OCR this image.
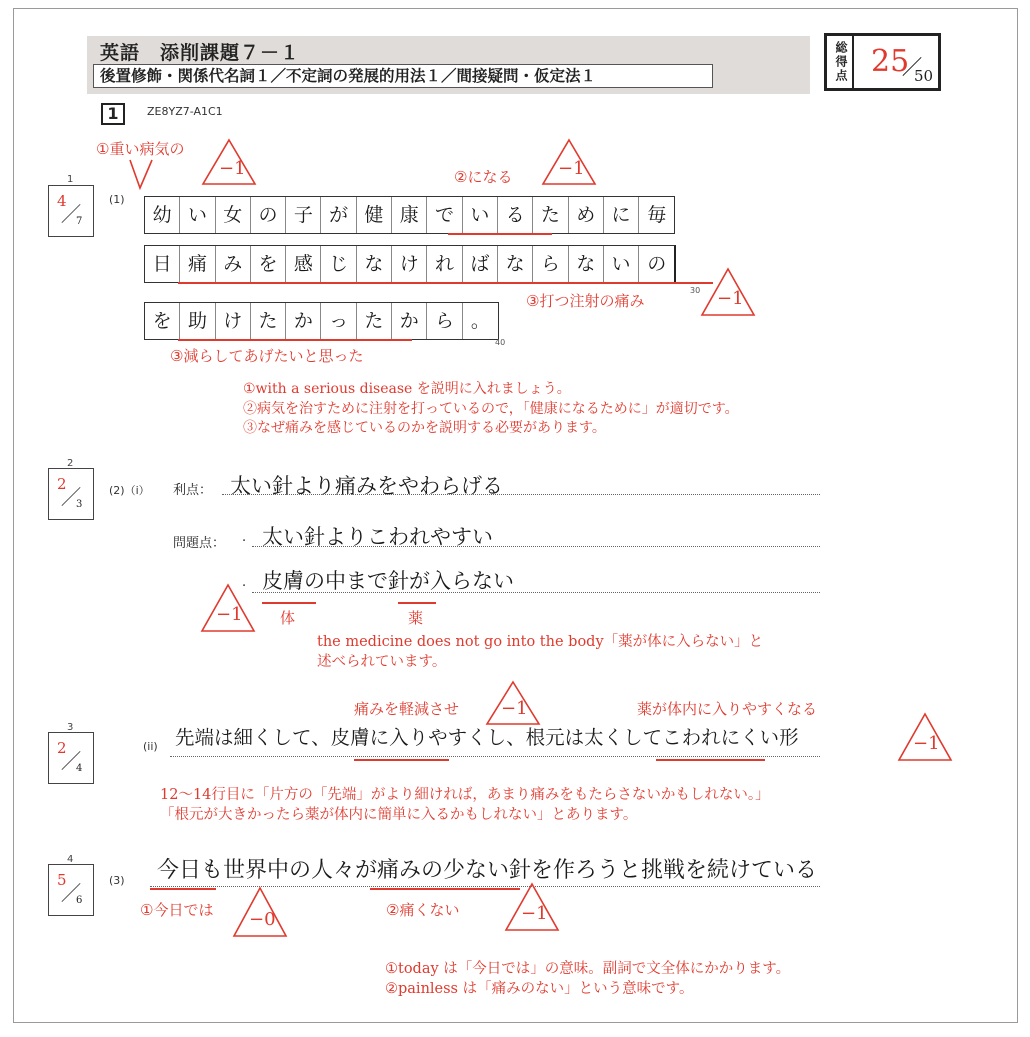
英語　添削課題７－１
後置修飾・関係代名詞１／不定詞の発展的用法１／間接疑問・仮定法１	総得点 25 50
1	ZE8YZ7-A1C1
1
4
7
(1)
①重い病気の
②になる
−1	−1
幼 い 女 の 子 が 健 康 で い る た め に 毎
日 痛 み を 感 じ な け れ ば な ら な い の
を 助 け た か っ た か ら 。
30
40
③打つ注射の痛み	−1
③減らしてあげたいと思った
①with a serious disease を説明に入れましょう。
②病気を治すために注射を打っているので，「健康になるために」が適切です。
③なぜ痛みを感じているのかを説明する必要があります。
2
2
3
(2)（i） 利点： 太い針より痛みをやわらげる
問題点： . 太い針よりこわれやすい
. 皮膚の中まで針が入らない
体	薬
−1
the medicine does not go into the body「薬が体に入らない」と
述べられています。
3
2
4
(ii)
痛みを軽減させ −1	薬が体内に入りやすくなる
先端は細くして、皮膚に入りやすくし、根元は太くしてこわれにくい形	−1
12～14行目に「片方の「先端」がより細ければ，あまり痛みをもたらさないかもしれない。」
「根元が大きかったら薬が体内に簡単に入るかもしれない」とあります。
4
5
6
(3) 今日も世界中の人々が痛みの少ない針を作ろうと挑戦を続けている
①今日では −0	②痛くない	−1
①today は「今日では」の意味。副詞で文全体にかかります。
②painless は「痛みのない」という意味です。
